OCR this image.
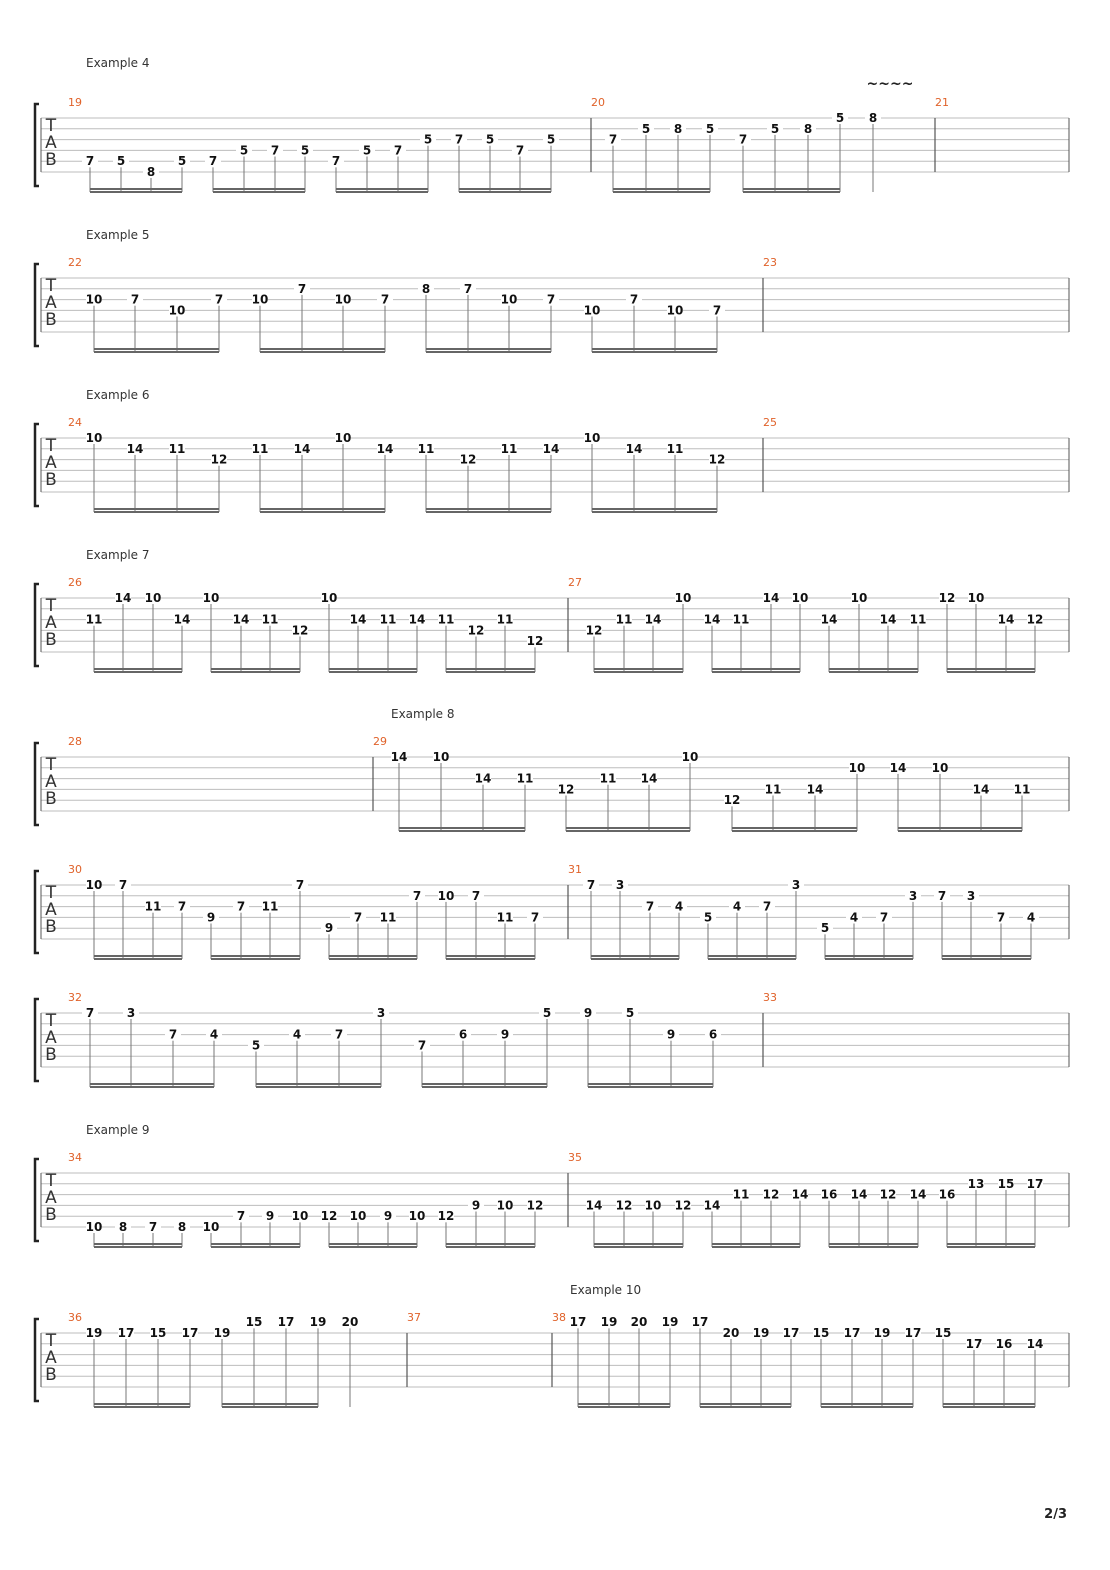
T
A
B
19
7 5
8
5 7
5 7 5
7
5 7
5 7 5
7
5
20
7
5 8 5
7
5 8
5 8
~~~~
21
T
A
B
22
10 7
10
7 10
7
10 7
8	7
10 7
10
7
10 7
23
T
A
B
24
10
14 11
12
11 14
10
14 11
12
11 14
10
14 11
12
25
T
A
B
26
11
14 10
14
10
14 11
12
10
14 11 14 11
12
11
12
27
12
11 14
10
14 11
14 10
14
10
14 11
12 10
14 12
T
A
B
28	29
14 10
14 11
12
11 14
10
12
11 14
10 14 10
14 11
T
A
B
30
10 7
11 7
9
7 11
7
9
7 11
7 10 7
11 7
31
7 3
7 4
5
4 7
3
5
4 7
3 7 3
7 4
T
A
B
32
7	3
7	4
5
4	7
3
7
6	9
5	9	5
9	6
33
T
A
B
34
10 8 7 8 10
7 9 10 12 10 9 10 12
9 10 12
35
14 12 10 12 14
11 12 14 16 14 12 14 16
13 15 17
T
A
B
36
19 17 15 17 19
15 17 19 20	37	38 17 19 20 19 17
20 19 17 15 17 19 17 15
17 16 14
Example 4
Example 5
Example 6
Example 7
Example 8
Example 9
Example 10
2/3
